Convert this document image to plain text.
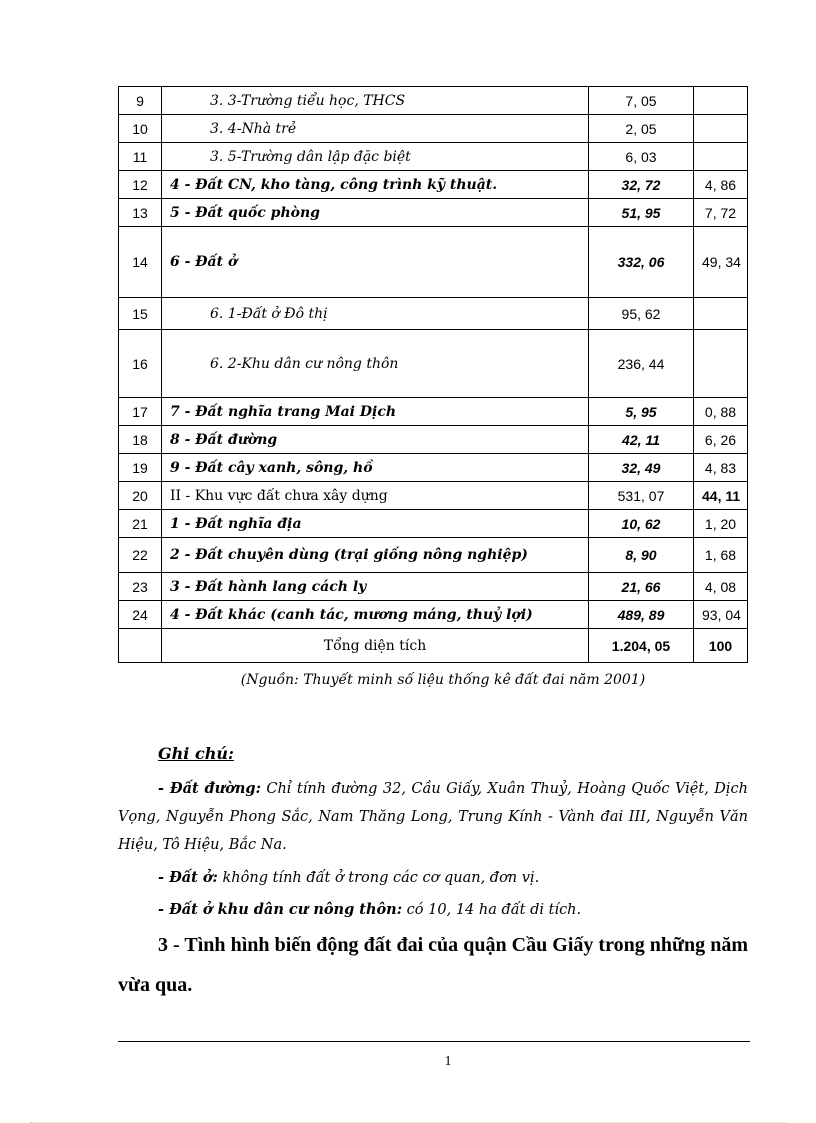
9	3. 3-Trường tiểu học, THCS	7, 05	
10	3. 4-Nhà trẻ	2, 05	
11	3. 5-Trường dân lập đặc biệt	6, 03	
12	4 - Đất CN, kho tàng, công trình kỹ thuật.	32, 72	4, 86
13	5 - Đất quốc phòng	51, 95	7, 72
14	6 - Đất ở	332, 06	49, 34
15	6. 1-Đất ở Đô thị	95, 62	
16	6. 2-Khu dân cư nông thôn	236, 44	
17	7 - Đất nghĩa trang Mai Dịch	5, 95	0, 88
18	8 - Đất đường	42, 11	6, 26
19	9 - Đất cây xanh, sông, hồ	32, 49	4, 83
20	II - Khu vực đất chưa xây dựng	531, 07	44, 11
21	1 - Đất nghĩa địa	10, 62	1, 20
22	2 - Đất chuyên dùng (trại giống nông nghiệp)	8, 90	1, 68
23	3 - Đất hành lang cách ly	21, 66	4, 08
24	4 - Đất khác (canh tác, mương máng, thuỷ lợi)	489, 89	93, 04
	Tổng diện tích	1.204, 05	100
(Nguồn: Thuyết minh số liệu thống kê đất đai năm 2001)
Ghi chú:
- Đất đường: Chỉ tính đường 32, Cầu Giấy, Xuân Thuỷ, Hoàng Quốc Việt, Dịch Vọng, Nguyễn Phong Sắc, Nam Thăng Long, Trung Kính - Vành đai III, Nguyễn Văn Hiệu, Tô Hiệu, Bắc Na.
- Đất ở: không tính đất ở trong các cơ quan, đơn vị.
- Đất ở khu dân cư nông thôn: có 10, 14 ha đất di tích.
3 - Tình hình biến động đất đai của quận Cầu Giấy trong những năm vừa qua.
1
